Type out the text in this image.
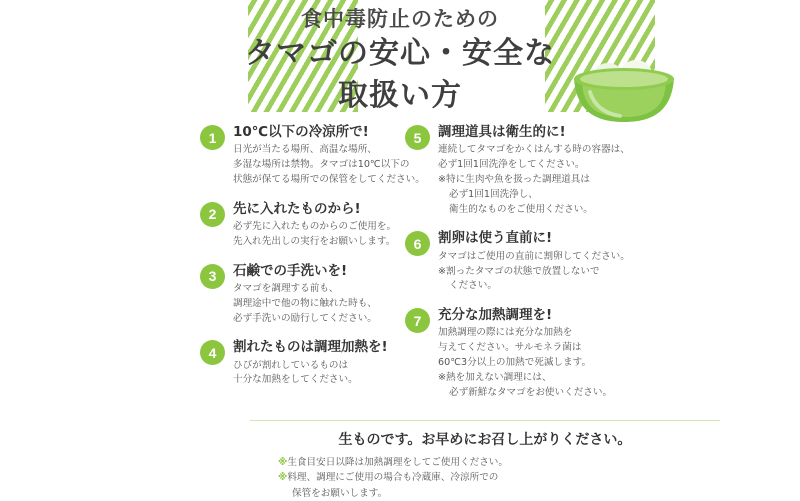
食中毒防止のための
タマゴの安心・安全な
取扱い方
1	10℃以下の冷涼所で!
日光が当たる場所、高温な場所、
多湿な場所は禁物。タマゴは10℃以下の
状態が保てる場所での保管をしてください。
2	先に入れたものから!
必ず先に入れたものからのご使用を。
先入れ先出しの実行をお願いします。
3	石鹸での手洗いを!
タマゴを調理する前も、
調理途中で他の物に触れた時も、
必ず手洗いの励行してください。
4	割れたものは調理加熱を!
ひびが割れしているものは
十分な加熱をしてください。
5	調理道具は衛生的に!
連続してタマゴをかくはんする時の容器は、
必ず1回1回洗浄をしてください。
※特に生肉や魚を扱った調理道具は
必ず1回1回洗浄し、
衛生的なものをご使用ください。
6	割卵は使う直前に!
タマゴはご使用の直前に割卵してください。
※割ったタマゴの状態で放置しないで
ください。
7	充分な加熱調理を!
加熱調理の際には充分な加熱を
与えてください。サルモネラ菌は
60℃3分以上の加熱で死滅します。
※熱を加えない調理には、
必ず新鮮なタマゴをお使いください。
生ものです。お早めにお召し上がりください。
※生食目安日以降は加熱調理をしてご使用ください。
※料理、調理にご使用の場合も冷蔵庫、冷涼所での
保管をお願いします。
